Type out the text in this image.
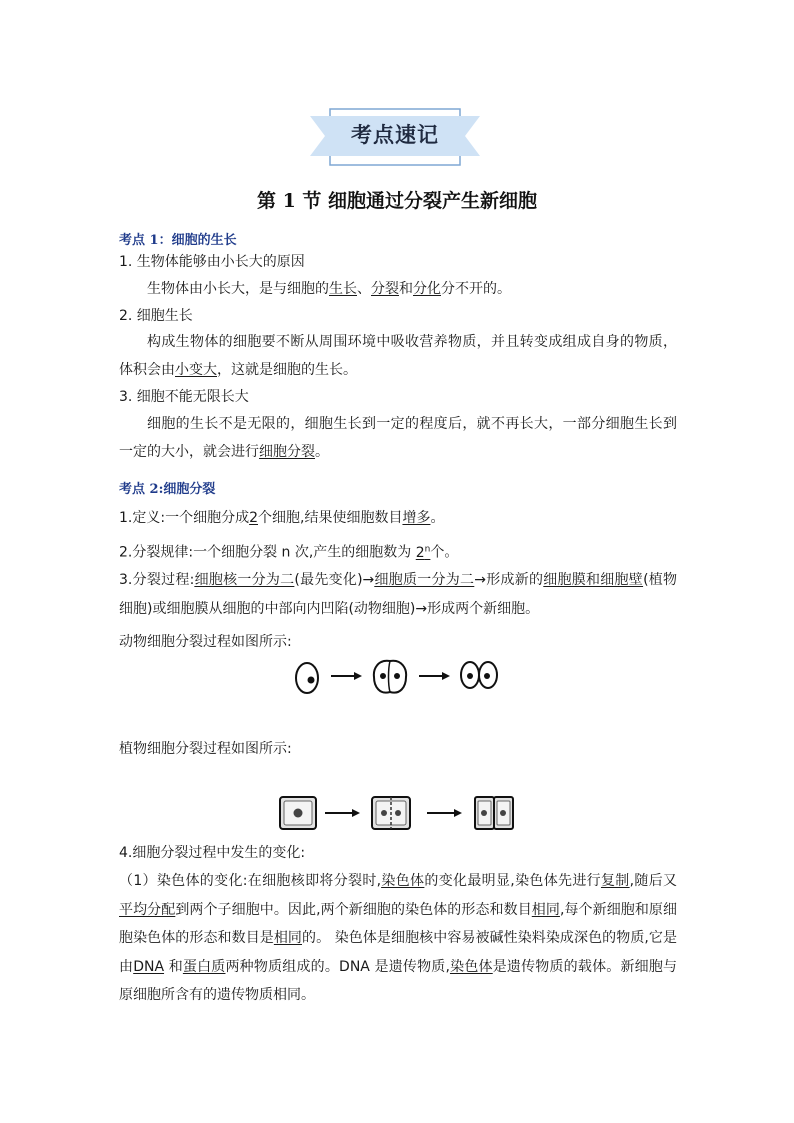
考点速记
第 1 节 细胞通过分裂产生新细胞
考点 1：细胞的生长
1. 生物体能够由小长大的原因
生物体由小长大，是与细胞的生长、分裂和分化分不开的。
2. 细胞生长
构成生物体的细胞要不断从周围环境中吸收营养物质，并且转变成组成自身的物质，体积会由小变大，这就是细胞的生长。
3. 细胞不能无限长大
细胞的生长不是无限的，细胞生长到一定的程度后，就不再长大，一部分细胞生长到一定的大小，就会进行细胞分裂。
考点 2:细胞分裂
1.定义:一个细胞分成2个细胞,结果使细胞数目增多。
2.分裂规律:一个细胞分裂 n 次,产生的细胞数为 2$^n$个。
3.分裂过程:细胞核一分为二(最先变化)→细胞质一分为二→形成新的细胞膜和细胞壁(植物细胞)或细胞膜从细胞的中部向内凹陷(动物细胞)→形成两个新细胞。
动物细胞分裂过程如图所示:
植物细胞分裂过程如图所示:
4.细胞分裂过程中发生的变化:
（1）染色体的变化:在细胞核即将分裂时,染色体的变化最明显,染色体先进行复制,随后又平均分配到两个子细胞中。因此,两个新细胞的染色体的形态和数目相同,每个新细胞和原细胞染色体的形态和数目是相同的。 染色体是细胞核中容易被碱性染料染成深色的物质,它是由DNA 和蛋白质两种物质组成的。DNA 是遗传物质,染色体是遗传物质的载体。新细胞与原细胞所含有的遗传物质相同。
